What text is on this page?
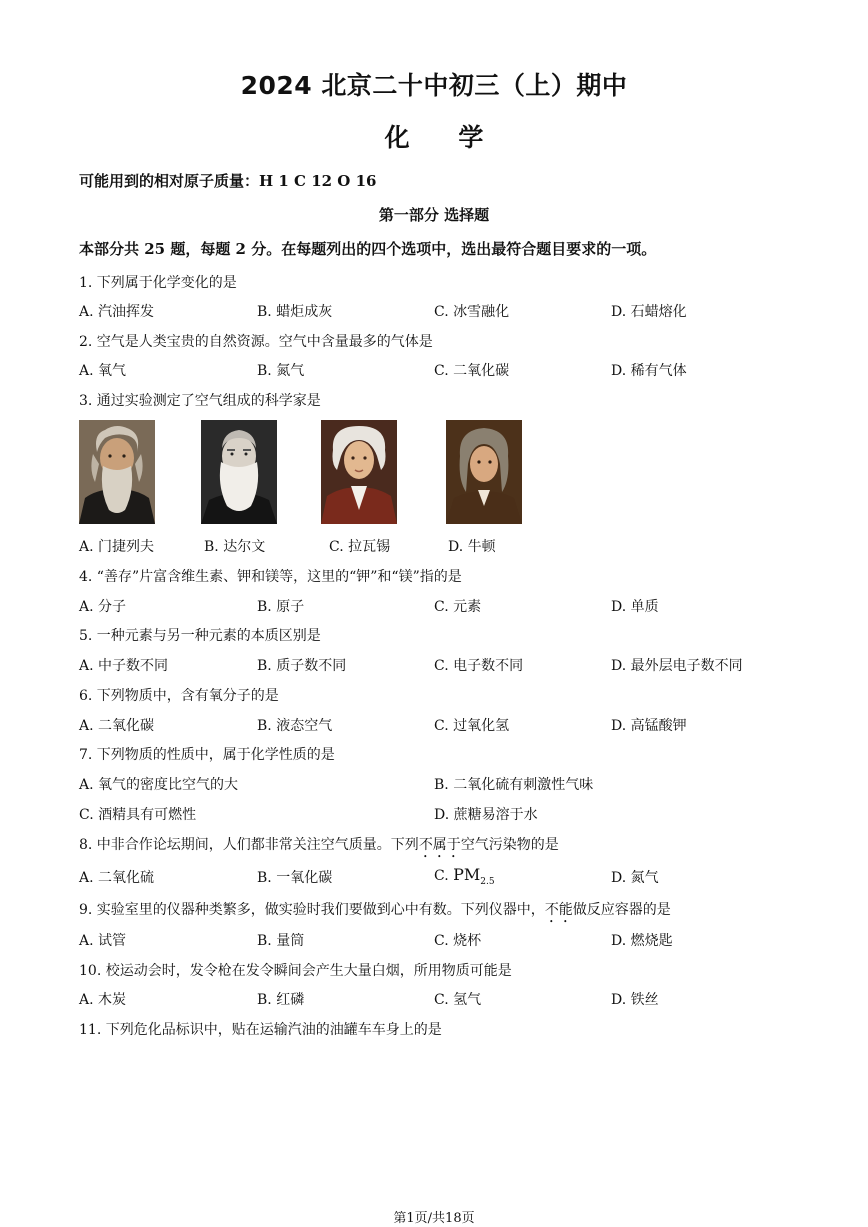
2024 北京二十中初三（上）期中
化 学
可能用到的相对原子质量：H 1 C 12 O 16
第一部分 选择题
本部分共 25 题，每题 2 分。在每题列出的四个选项中，选出最符合题目要求的一项。
1. 下列属于化学变化的是
A. 汽油挥发	B. 蜡炬成灰	C. 冰雪融化	D. 石蜡熔化
2. 空气是人类宝贵的自然资源。空气中含量最多的气体是
A. 氧气	B. 氮气	C. 二氧化碳	D. 稀有气体
3. 通过实验测定了空气组成的科学家是
A. 门捷列夫	B. 达尔文	C. 拉瓦锡	D. 牛顿
4. “善存”片富含维生素、钾和镁等，这里的“钾”和“镁”指的是
A. 分子	B. 原子	C. 元素	D. 单质
5. 一种元素与另一种元素的本质区别是
A. 中子数不同	B. 质子数不同	C. 电子数不同	D. 最外层电子数不同
6. 下列物质中，含有氧分子的是
A. 二氧化碳	B. 液态空气	C. 过氧化氢	D. 高锰酸钾
7. 下列物质的性质中，属于化学性质的是
A. 氧气的密度比空气的大	B. 二氧化硫有刺激性气味
C. 酒精具有可燃性	D. 蔗糖易溶于水
8. 中非合作论坛期间，人们都非常关注空气质量。下列不属于空气污染物的是
A. 二氧化硫	B. 一氧化碳	C. $PM_{2.5}$	D. 氮气
9. 实验室里的仪器种类繁多，做实验时我们要做到心中有数。下列仪器中，不能做反应容器的是
A. 试管	B. 量筒	C. 烧杯	D. 燃烧匙
10. 校运动会时，发令枪在发令瞬间会产生大量白烟，所用物质可能是
A. 木炭	B. 红磷	C. 氢气	D. 铁丝
11. 下列危化品标识中，贴在运输汽油的油罐车车身上的是
第1页/共18页
